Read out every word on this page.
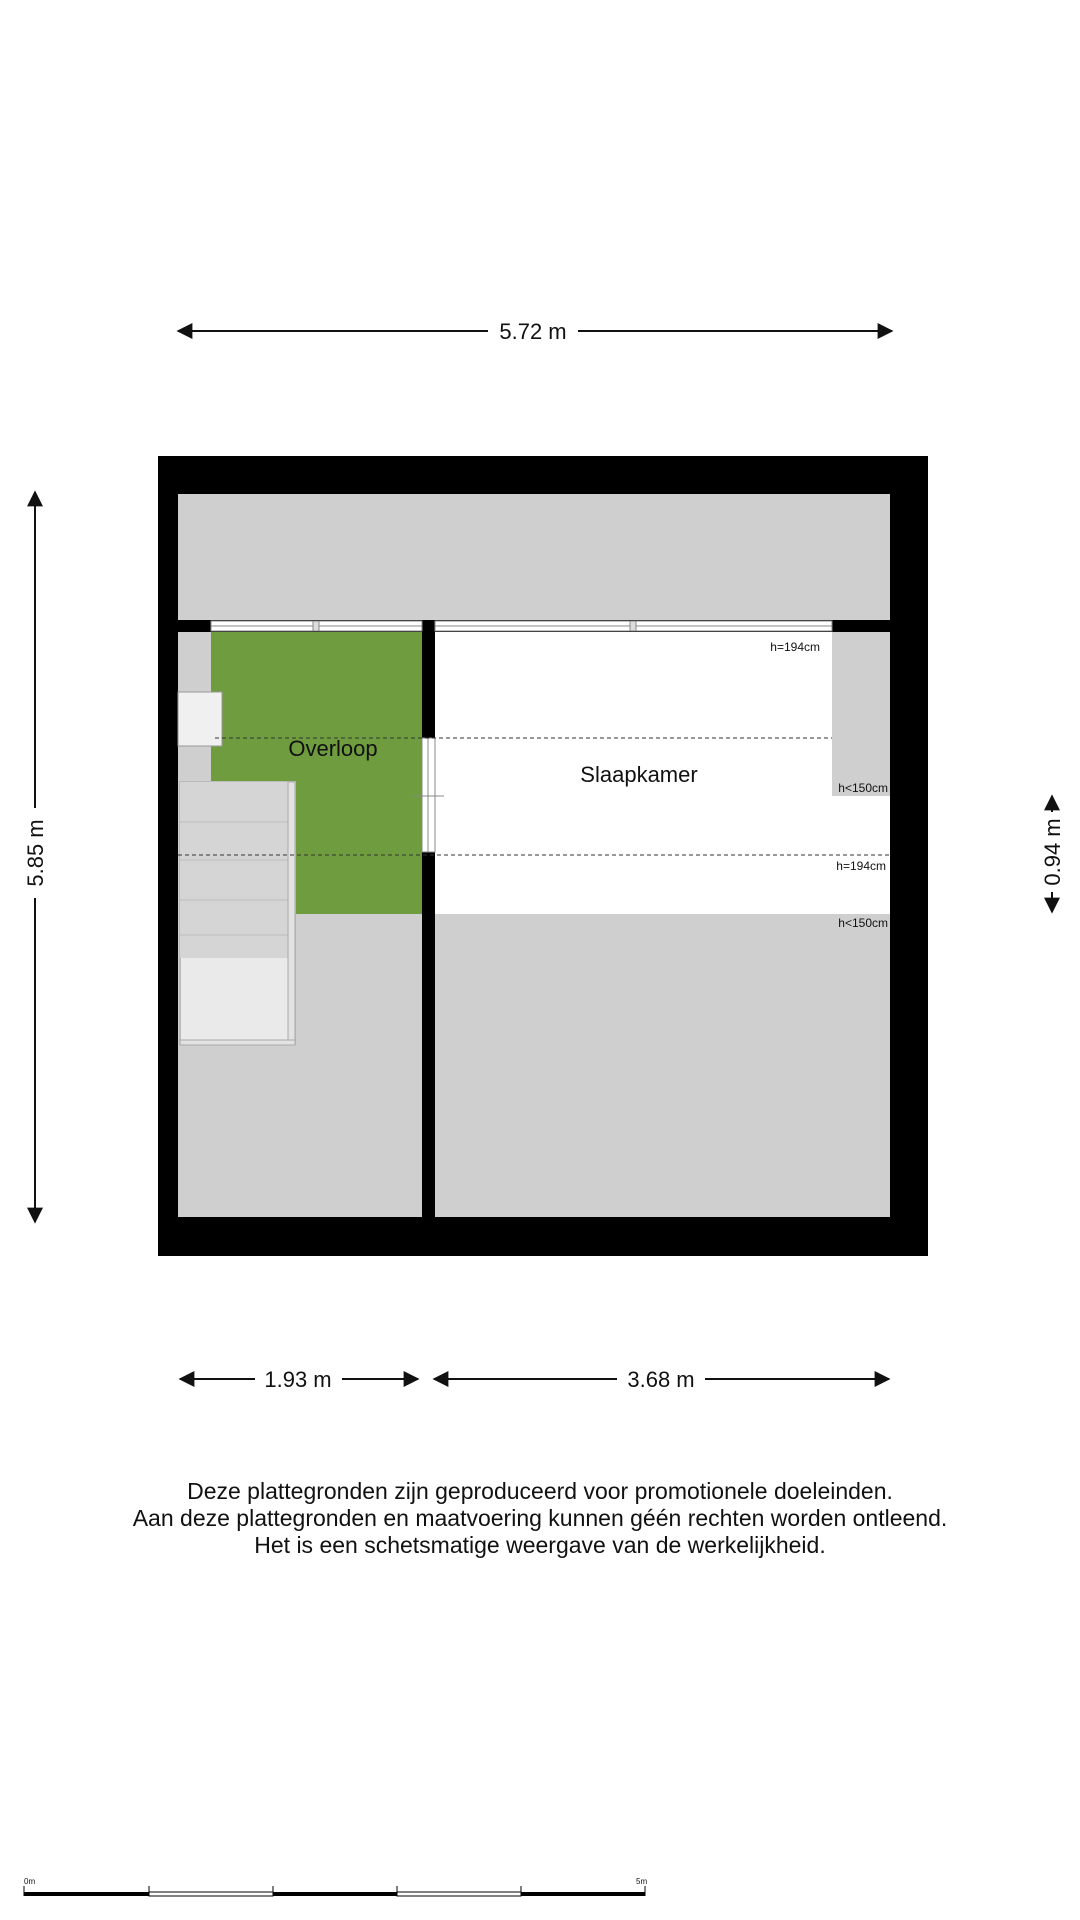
5.72 m
5.85 m	0.94 m
Overloop
Slaapkamer
h=194cm
h<150cm
h=194cm
h<150cm
1.93 m	3.68 m
0m	5m
Deze plattegronden zijn geproduceerd voor promotionele doeleinden.
Aan deze plattegronden en maatvoering kunnen géén rechten worden ontleend.
Het is een schetsmatige weergave van de werkelijkheid.
